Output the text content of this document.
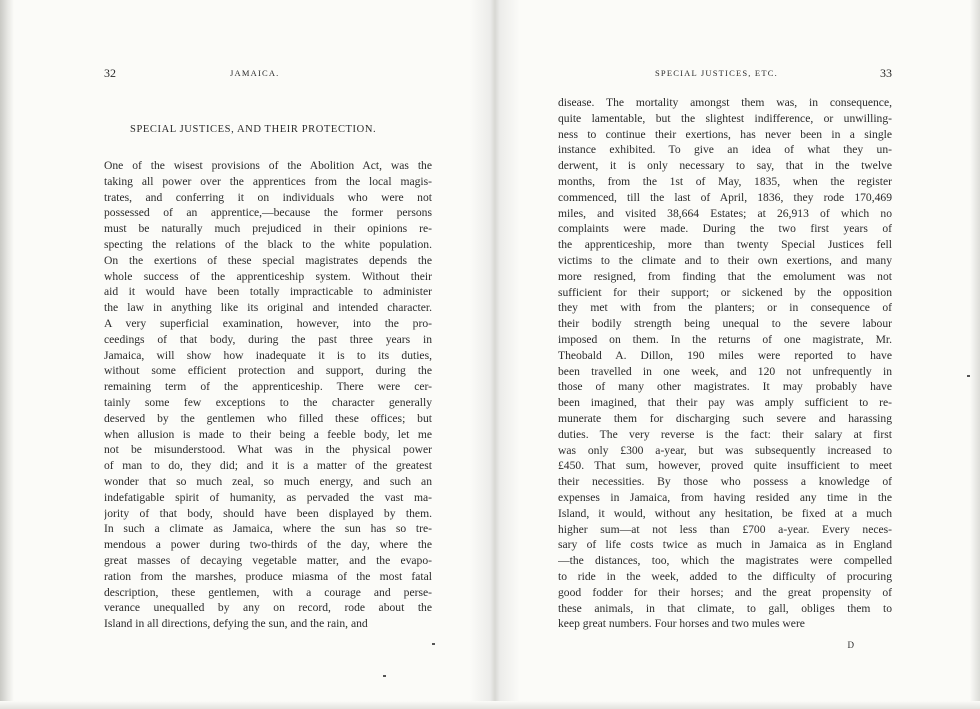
32	JAMAICA.
SPECIAL JUSTICES, AND THEIR PROTECTION.
One of the wisest provisions of the Abolition Act, was the
taking all power over the apprentices from the local magis-
trates, and conferring it on individuals who were not
possessed of an apprentice,—because the former persons
must be naturally much prejudiced in their opinions re-
specting the relations of the black to the white population.
On the exertions of these special magistrates depends the
whole success of the apprenticeship system. Without their
aid it would have been totally impracticable to administer
the law in anything like its original and intended character.
A very superficial examination, however, into the pro-
ceedings of that body, during the past three years in
Jamaica, will show how inadequate it is to its duties,
without some efficient protection and support, during the
remaining term of the apprenticeship. There were cer-
tainly some few exceptions to the character generally
deserved by the gentlemen who filled these offices; but
when allusion is made to their being a feeble body, let me
not be misunderstood. What was in the physical power
of man to do, they did; and it is a matter of the greatest
wonder that so much zeal, so much energy, and such an
indefatigable spirit of humanity, as pervaded the vast ma-
jority of that body, should have been displayed by them.
In such a climate as Jamaica, where the sun has so tre-
mendous a power during two-thirds of the day, where the
great masses of decaying vegetable matter, and the evapo-
ration from the marshes, produce miasma of the most fatal
description, these gentlemen, with a courage and perse-
verance unequalled by any on record, rode about the
Island in all directions, defying the sun, and the rain, and
SPECIAL JUSTICES, ETC.	33
disease. The mortality amongst them was, in consequence,
quite lamentable, but the slightest indifference, or unwilling-
ness to continue their exertions, has never been in a single
instance exhibited. To give an idea of what they un-
derwent, it is only necessary to say, that in the twelve
months, from the 1st of May, 1835, when the register
commenced, till the last of April, 1836, they rode 170,469
miles, and visited 38,664 Estates; at 26,913 of which no
complaints were made. During the two first years of
the apprenticeship, more than twenty Special Justices fell
victims to the climate and to their own exertions, and many
more resigned, from finding that the emolument was not
sufficient for their support; or sickened by the opposition
they met with from the planters; or in consequence of
their bodily strength being unequal to the severe labour
imposed on them. In the returns of one magistrate, Mr.
Theobald A. Dillon, 190 miles were reported to have
been travelled in one week, and 120 not unfrequently in
those of many other magistrates. It may probably have
been imagined, that their pay was amply sufficient to re-
munerate them for discharging such severe and harassing
duties. The very reverse is the fact: their salary at first
was only £300 a-year, but was subsequently increased to
£450. That sum, however, proved quite insufficient to meet
their necessities. By those who possess a knowledge of
expenses in Jamaica, from having resided any time in the
Island, it would, without any hesitation, be fixed at a much
higher sum—at not less than £700 a-year. Every neces-
sary of life costs twice as much in Jamaica as in England
—the distances, too, which the magistrates were compelled
to ride in the week, added to the difficulty of procuring
good fodder for their horses; and the great propensity of
these animals, in that climate, to gall, obliges them to
keep great numbers. Four horses and two mules were
D
